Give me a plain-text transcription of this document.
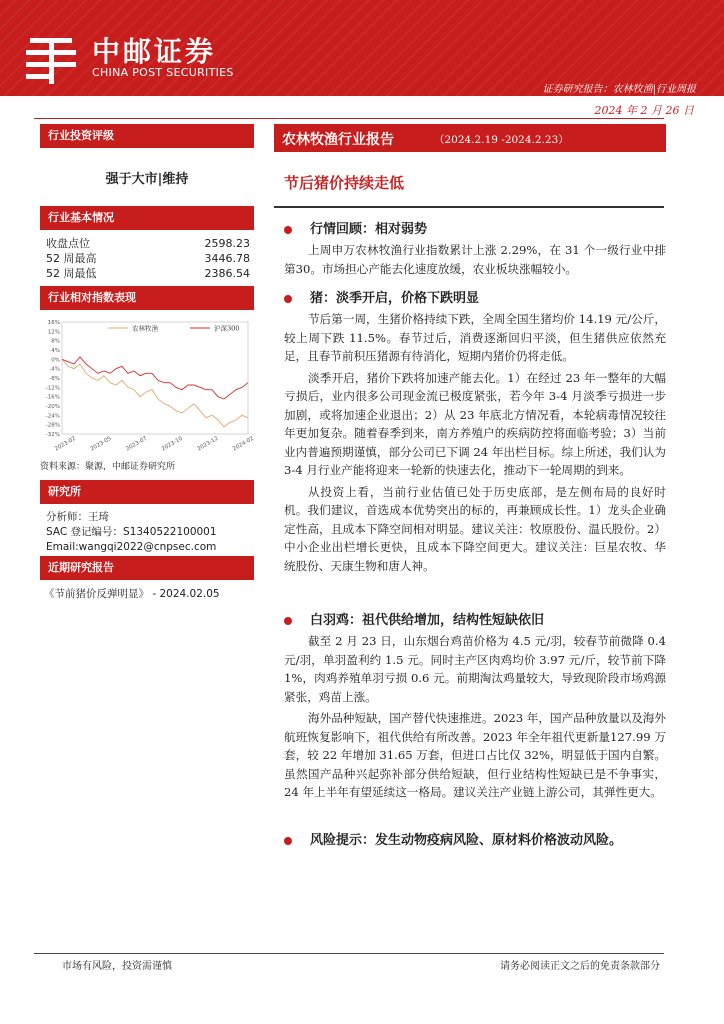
中邮证券
CHINA POST SECURITIES
证券研究报告：农林牧渔|行业周报
2024 年 2 月 26 日
行业投资评级
强于大市|维持
行业基本情况
收盘点位	2598.23
52 周最高	3446.78
52 周最低	2386.54
行业相对指数表现
16%
12%
8%
4%
0%
-4%
-8%
-12%
-16%
-20%
-24%
-28%
-32%
2023-02 2023-05 2023-07 2023-10 2023-12 2024-02
农林牧渔	沪深300
资料来源：聚源，中邮证券研究所
研究所
分析师：王琦
SAC 登记编号：S1340522100001
Email:wangqi2022@cnpsec.com
近期研究报告
《节前猪价反弹明显》 - 2024.02.05
农林牧渔行业报告	（2024.2.19 -2024.2.23）
节后猪价持续走低
行情回顾：相对弱势

上周申万农林牧渔行业指数累计上涨 2.29%，在 31 个一级行业中排第30。市场担心产能去化速度放缓，农业板块涨幅较小。

猪：淡季开启，价格下跌明显

节后第一周，生猪价格持续下跌，全周全国生猪均价 14.19 元/公斤，较上周下跌 11.5%。春节过后，消费逐渐回归平淡，但生猪供应依然充足，且春节前积压猪源有待消化，短期内猪价仍将走低。

淡季开启，猪价下跌将加速产能去化。1）在经过 23 年一整年的大幅亏损后，业内很多公司现金流已极度紧张，若今年 3-4 月淡季亏损进一步加剧，或将加速企业退出；2）从 23 年底北方情况看，本轮病毒情况较往年更加复杂。随着春季到来，南方养殖户的疾病防控将面临考验；3）当前业内普遍预期谨慎，部分公司已下调 24 年出栏目标。综上所述，我们认为 3-4 月行业产能将迎来一轮新的快速去化，推动下一轮周期的到来。

从投资上看，当前行业估值已处于历史底部，是左侧布局的良好时机。我们建议，首选成本优势突出的标的，再兼顾成长性。1）龙头企业确定性高，且成本下降空间相对明显。建议关注：牧原股份、温氏股份。2）中小企业出栏增长更快，且成本下降空间更大。建议关注：巨星农牧、华统股份、天康生物和唐人神。

白羽鸡：祖代供给增加，结构性短缺依旧

截至 2 月 23 日，山东烟台鸡苗价格为 4.5 元/羽，较春节前微降 0.4 元/羽，单羽盈利约 1.5 元。同时主产区肉鸡均价 3.97 元/斤，较节前下降 1%，肉鸡养殖单羽亏损 0.6 元。前期淘汰鸡量较大，导致现阶段市场鸡源紧张，鸡苗上涨。

海外品种短缺，国产替代快速推进。2023 年，国产品种放量以及海外航班恢复影响下，祖代供给有所改善。2023 年全年祖代更新量127.99 万套，较 22 年增加 31.65 万套，但进口占比仅 32%，明显低于国内自繁。虽然国产品种兴起弥补部分供给短缺，但行业结构性短缺已是不争事实， 24 年上半年有望延续这一格局。建议关注产业链上游公司，其弹性更大。

风险提示：发生动物疫病风险、原材料价格波动风险。
市场有风险，投资需谨慎	请务必阅读正文之后的免责条款部分
